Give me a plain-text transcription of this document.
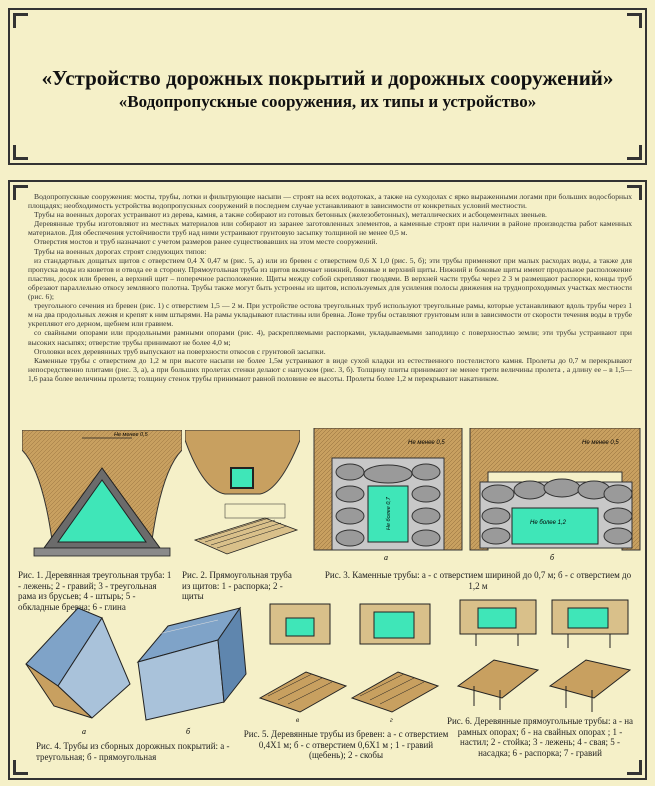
«Устройство дорожных покрытий и дорожных сооружений»
«Водопропускные сооружения, их типы и устройство»

Водопропускные сооружения: мосты, трубы, лотки и фильтрующие насыпи — строят на всех водотоках, а также на суходолах с ярко выраженными логами при больших водосборных площадях; необходимость устройства водопропускных сооружений в последнем случае устанавливают в зависимости от конкретных условий местности.

Трубы на военных дорогах устраивают из дерева, камня, а также собирают из готовых бетонных (железобетонных), металлических и асбоцементных звеньев.

Деревянные трубы изготовляют из местных материалов или собирают из заранее заготовленных элементов, а каменные строят при наличии в районе производства работ каменных материалов. Для обеспечения устойчивости труб над ними устраивают грунтовую засыпку толщиной не менее 0,5 м.

Отверстия мостов и труб назначают с учетом размеров ранее существовавших на этом месте сооружений.

Трубы на военных дорогах строят следующих типов:

из стандартных дощатых щитов с отверстием 0,4 Х 0,47 м (рис. 5, а) или из бревен с отверстием 0,6 Х 1,0 (рис. 5, б); эти трубы применяют при малых расходах воды, а также для пропуска воды из кюветов и отвода ее в сторону. Прямоугольная труба из щитов включает нижний, боковые и верхний щиты. Нижний и боковые щиты имеют продольное расположение пластин, досок или бревен, а верхний щит – поперечное расположение. Щиты между собой скрепляют гвоздями. В верхней части трубы через 2 3 м размещают распорки, концы труб обрезают параллельно откосу земляного полотна. Трубы также могут быть устроены из щитов, используемых для усиления полосы движения на труднопроходимых участках местности (рис. 6);

треугольного сечения из бревен (рис. 1) с отверстием 1,5 — 2 м. При устройстве остова треугольных труб используют треугольные рамы, которые устанавливают вдоль трубы через 1 м на два продольных лежня и крепят к ним штырями. На рамы укладывают пластины или бревна. Ложе трубы оставляют грунтовым или в зависимости от скорости течения воды в трубе укрепляют его дерном, щебнем или гравием.

со свайными опорами или продольными рамными опорами (рис. 4), раскрепляемыми распорками, укладываемыми заподлицо с поверхностью земли; эти трубы устраивают при высоких насыпях; отверстие трубы принимают не более 4,0 м;

Оголовки всех деревянных труб выпускают на поверхности откосов с грунтовой засыпки.

Каменные трубы с отверстием до 1,2 м при высоте насыпи не более 1,5м устраивают в виде сухой кладки из естественного постелистого камня. Пролеты до 0,7 м перекрывают непосредственно плитами (рис. 3, а), а при больших пролетах стенки делают с напуском (рис. 3, б). Толщину плиты принимают не менее трети величины пролета , а длину ее – в 1,5—1,6 раза более величины пролета; толщину стенок трубы принимают равной половине ее высоты. Пролеты более 1,2 м перекрывают накатником.

Не менее 0,5
Не менее 0,5
Не более 0,7
а
Не менее 0,5
Не более 1,2
б
Рис. 1. Деревянная треугольная труба: 1 - лежень; 2 - гравий; 3 - треугольная рама из брусьев; 4 - штырь; 5 - обкладные бревна; 6 - глина
Рис. 2. Прямоугольная труба из щитов: 1 - распорка; 2 - щиты
Рис. 3. Каменные трубы: а - с отверстием шириной до 0,7 м; б - с отверстием до 1,2 м
а	б
в	г
Рис. 4. Трубы из сборных дорожных покрытий: а - треугольная; б - прямоугольная
Рис. 5. Деревянные трубы из бревен: а - с отверстием 0,4Х1 м; б - с отверстием 0,6Х1 м ; 1 - гравий (щебень); 2 - скобы
Рис. 6. Деревянные прямоугольные трубы: а - на рамных опорах; б - на свайных опорах ; 1 - настил; 2 - стойка; 3 - лежень; 4 - свая; 5 - насадка; 6 - распорка; 7 - гравий
